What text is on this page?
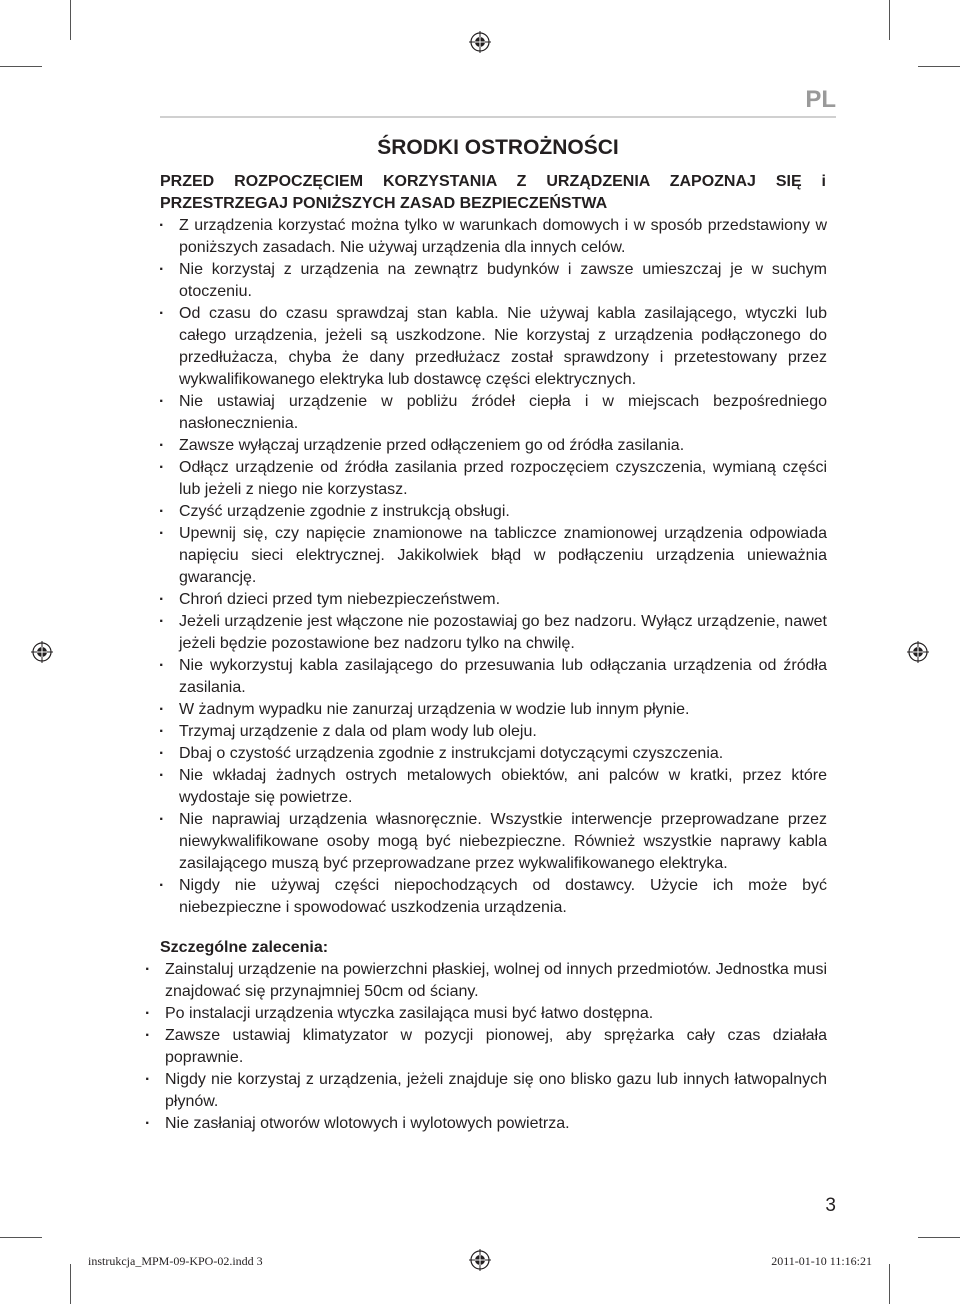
PL
ŚRODKI OSTROŻNOŚCI
PRZED ROZPOCZĘCIEM KORZYSTANIA Z URZĄDZENIA ZAPOZNAJ SIĘ i PRZESTRZEGAJ PONIŻSZYCH ZASAD BEZPIECZEŃSTWA
· Z urządzenia korzystać można tylko w warunkach domowych i w sposób przedstawiony w poniższych zasadach. Nie używaj urządzenia dla innych celów.
· Nie korzystaj z urządzenia na zewnątrz budynków i zawsze umieszczaj je w suchym otoczeniu.
· Od czasu do czasu sprawdzaj stan kabla. Nie używaj kabla zasilającego, wtyczki lub całego urządzenia, jeżeli są uszkodzone. Nie korzystaj z urządzenia podłączonego do przedłużacza, chyba że dany przedłużacz został sprawdzony i przetestowany przez wykwalifikowanego elektryka lub dostawcę części elektrycznych.
· Nie ustawiaj urządzenie w pobliżu źródeł ciepła i w miejscach bezpośredniego nasłonecznienia.
· Zawsze wyłączaj urządzenie przed odłączeniem go od źródła zasilania.
· Odłącz urządzenie od źródła zasilania przed rozpoczęciem czyszczenia, wymianą części lub jeżeli z niego nie korzystasz.
· Czyść urządzenie zgodnie z instrukcją obsługi.
· Upewnij się, czy napięcie znamionowe na tabliczce znamionowej urządzenia odpowiada napięciu sieci elektrycznej. Jakikolwiek błąd w podłączeniu urządzenia unieważnia gwarancję.
· Chroń dzieci przed tym niebezpieczeństwem.
· Jeżeli urządzenie jest włączone nie pozostawiaj go bez nadzoru. Wyłącz urządzenie, nawet jeżeli będzie pozostawione bez nadzoru tylko na chwilę.
· Nie wykorzystuj kabla zasilającego do przesuwania lub odłączania urządzenia od źródła zasilania.
· W żadnym wypadku nie zanurzaj urządzenia w wodzie lub innym płynie.
· Trzymaj urządzenie z dala od plam wody lub oleju.
· Dbaj o czystość urządzenia zgodnie z instrukcjami dotyczącymi czyszczenia.
· Nie wkładaj żadnych ostrych metalowych obiektów, ani palców w kratki, przez które wydostaje się powietrze.
· Nie naprawiaj urządzenia własnoręcznie. Wszystkie interwencje przeprowadzane przez niewykwalifikowane osoby mogą być niebezpieczne. Również wszystkie naprawy kabla zasilającego muszą być przeprowadzane przez wykwalifikowanego elektryka.
· Nigdy nie używaj części niepochodzących od dostawcy. Użycie ich może być niebezpieczne i spowodować uszkodzenia urządzenia.
Szczególne zalecenia:
· Zainstaluj urządzenie na powierzchni płaskiej, wolnej od innych przedmiotów. Jednostka musi znajdować się przynajmniej 50cm od ściany.
· Po instalacji urządzenia wtyczka zasilająca musi być łatwo dostępna.
· Zawsze ustawiaj klimatyzator w pozycji pionowej, aby sprężarka cały czas działała poprawnie.
· Nigdy nie korzystaj z urządzenia, jeżeli znajduje się ono blisko gazu lub innych łatwopalnych płynów.
· Nie zasłaniaj otworów wlotowych i wylotowych powietrza.
3
instrukcja_MPM-09-KPO-02.indd 3	2011-01-10 11:16:21
